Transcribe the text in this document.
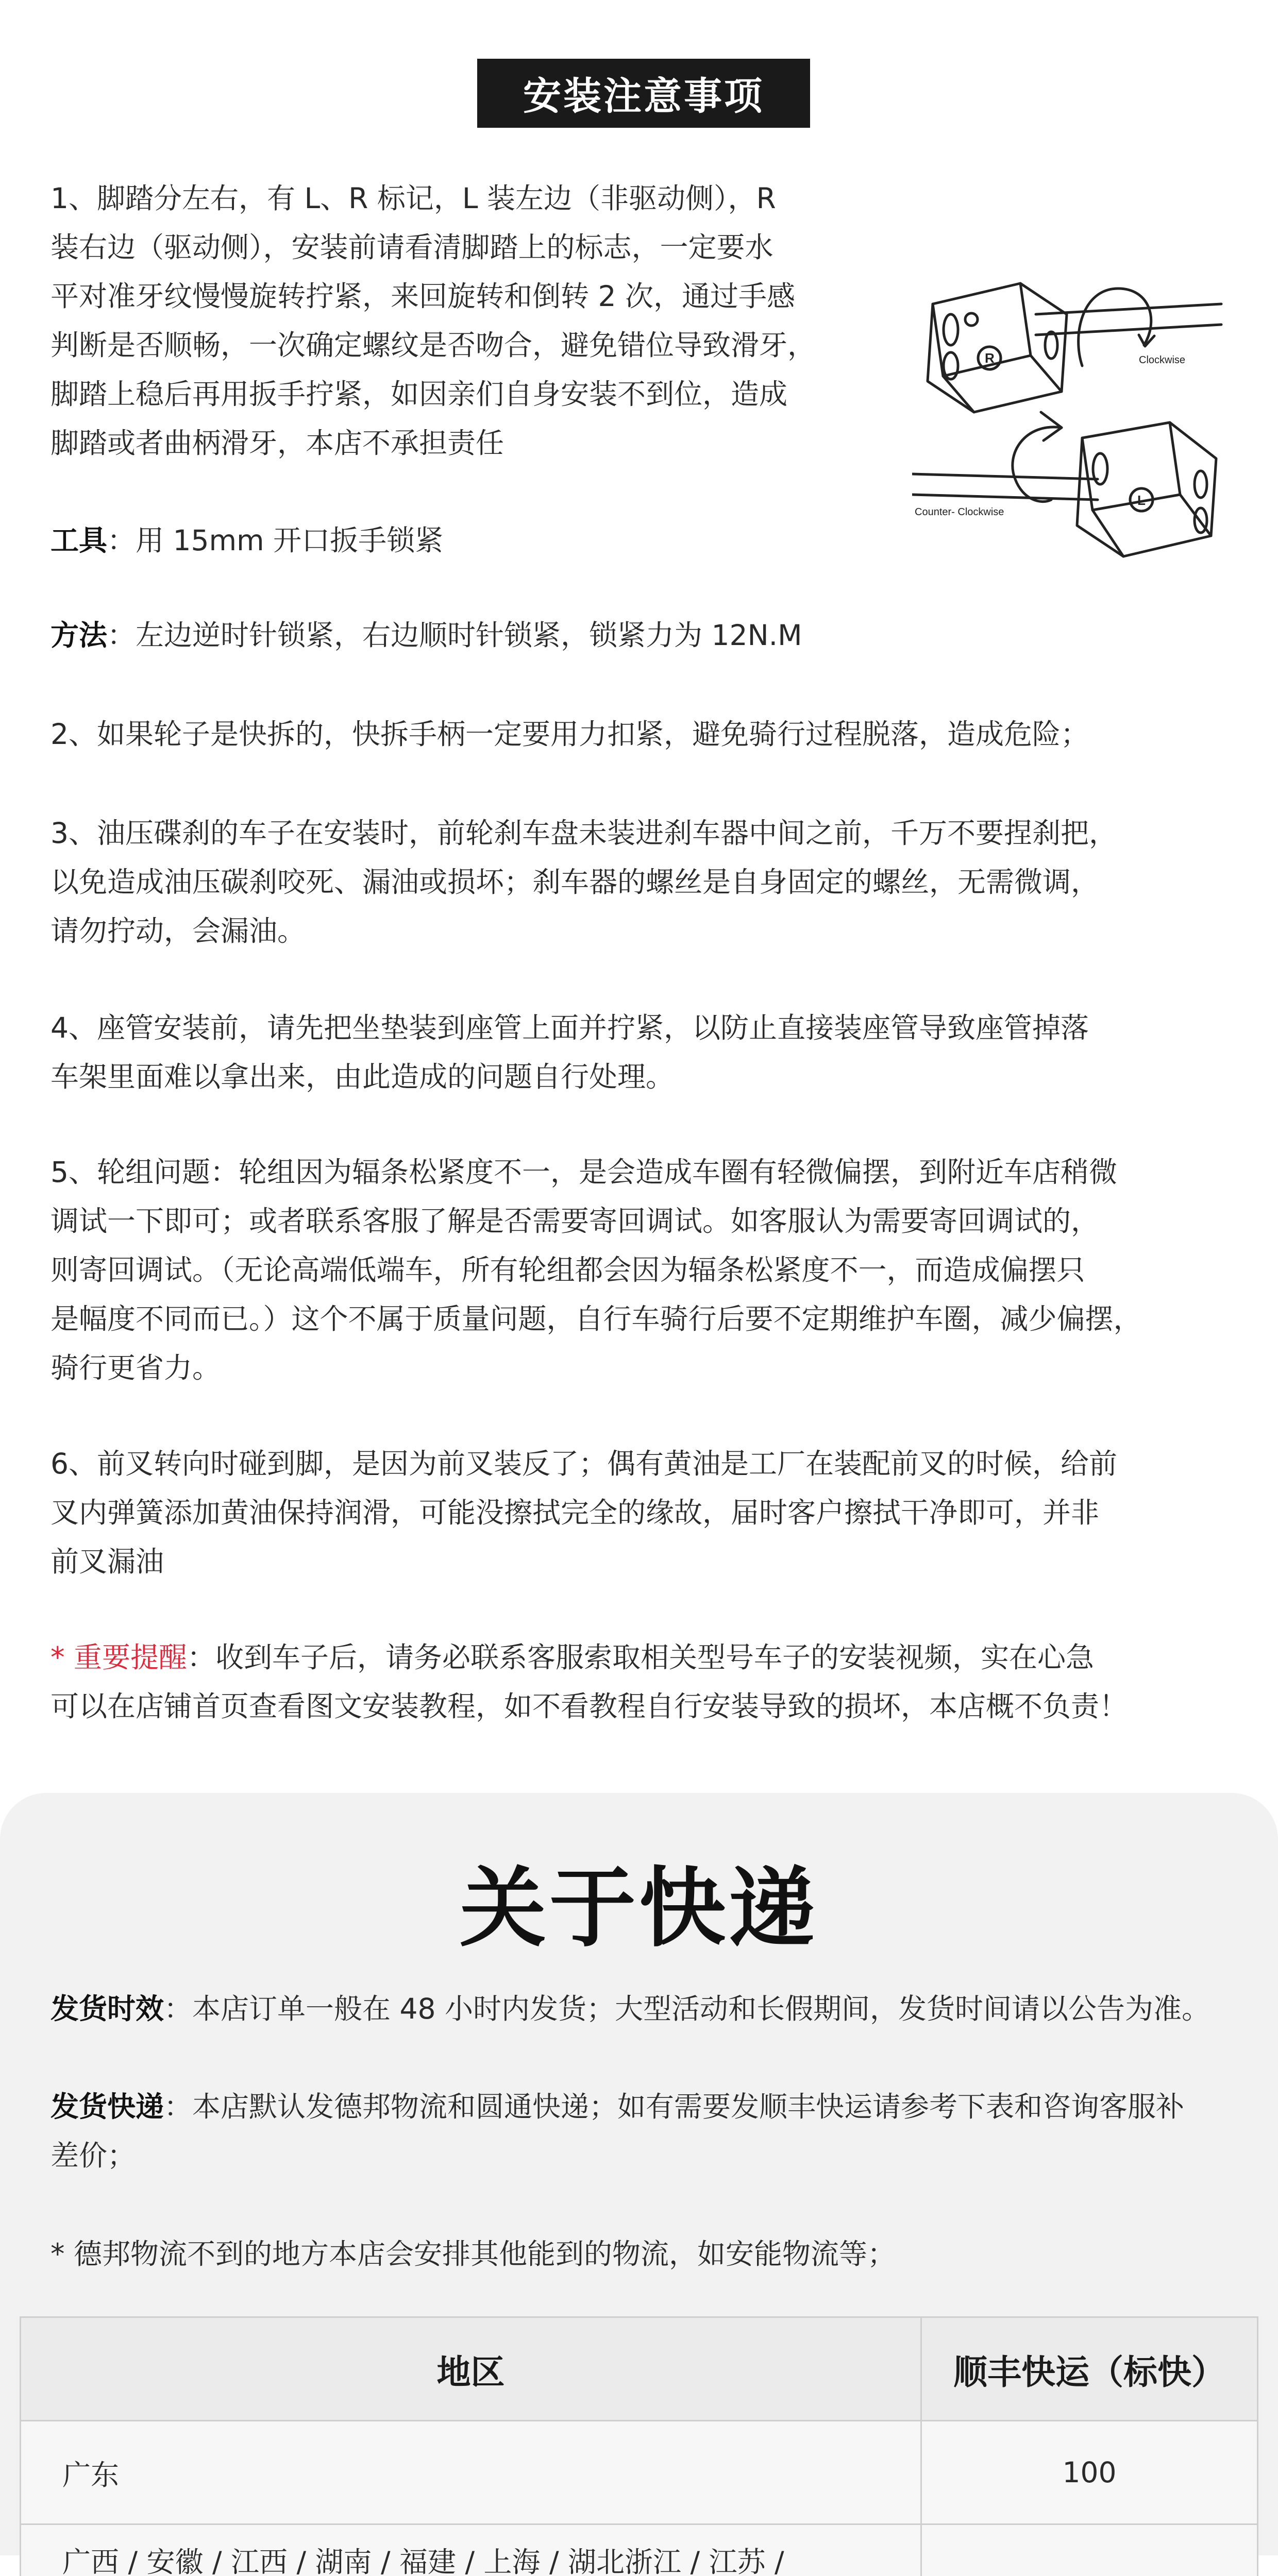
安装注意事项
1、脚踏分左右，有 L、R 标记，L 装左边（非驱动侧），R
装右边（驱动侧），安装前请看清脚踏上的标志，一定要水
平对准牙纹慢慢旋转拧紧，来回旋转和倒转 2 次，通过手感
判断是否顺畅，一次确定螺纹是否吻合，避免错位导致滑牙，
脚踏上稳后再用扳手拧紧，如因亲们自身安装不到位，造成
脚踏或者曲柄滑牙，本店不承担责任
R
L
Clockwise
Counter- Clockwise

工具：用 15mm 开口扳手锁紧

方法：左边逆时针锁紧，右边顺时针锁紧，锁紧力为 12N.M

2、如果轮子是快拆的，快拆手柄一定要用力扣紧，避免骑行过程脱落，造成危险；

3、油压碟刹的车子在安装时，前轮刹车盘未装进刹车器中间之前，千万不要捏刹把，
以免造成油压碳刹咬死、漏油或损坏；刹车器的螺丝是自身固定的螺丝，无需微调，
请勿拧动，会漏油。
4、座管安装前，请先把坐垫装到座管上面并拧紧，以防止直接装座管导致座管掉落
车架里面难以拿出来，由此造成的问题自行处理。
5、轮组问题：轮组因为辐条松紧度不一，是会造成车圈有轻微偏摆，到附近车店稍微
调试一下即可；或者联系客服了解是否需要寄回调试。如客服认为需要寄回调试的，
则寄回调试。（无论高端低端车，所有轮组都会因为辐条松紧度不一，而造成偏摆只
是幅度不同而已。）这个不属于质量问题，自行车骑行后要不定期维护车圈，减少偏摆，
骑行更省力。
6、前叉转向时碰到脚，是因为前叉装反了；偶有黄油是工厂在装配前叉的时候，给前
叉内弹簧添加黄油保持润滑，可能没擦拭完全的缘故，届时客户擦拭干净即可，并非
前叉漏油
* 重要提醒：收到车子后，请务必联系客服索取相关型号车子的安装视频，实在心急
可以在店铺首页查看图文安装教程，如不看教程自行安装导致的损坏，本店概不负责！
关于快递

发货时效：本店订单一般在 48 小时内发货；大型活动和长假期间，发货时间请以公告为准。

发货快递：本店默认发德邦物流和圆通快递；如有需要发顺丰快运请参考下表和咨询客服补
差价；

* 德邦物流不到的地方本店会安排其他能到的物流，如安能物流等；

地区	顺丰快运（标快）
广东	100
广西 / 安徽 / 江西 / 湖南 / 福建 / 上海 / 湖北浙江 / 江苏 /	
